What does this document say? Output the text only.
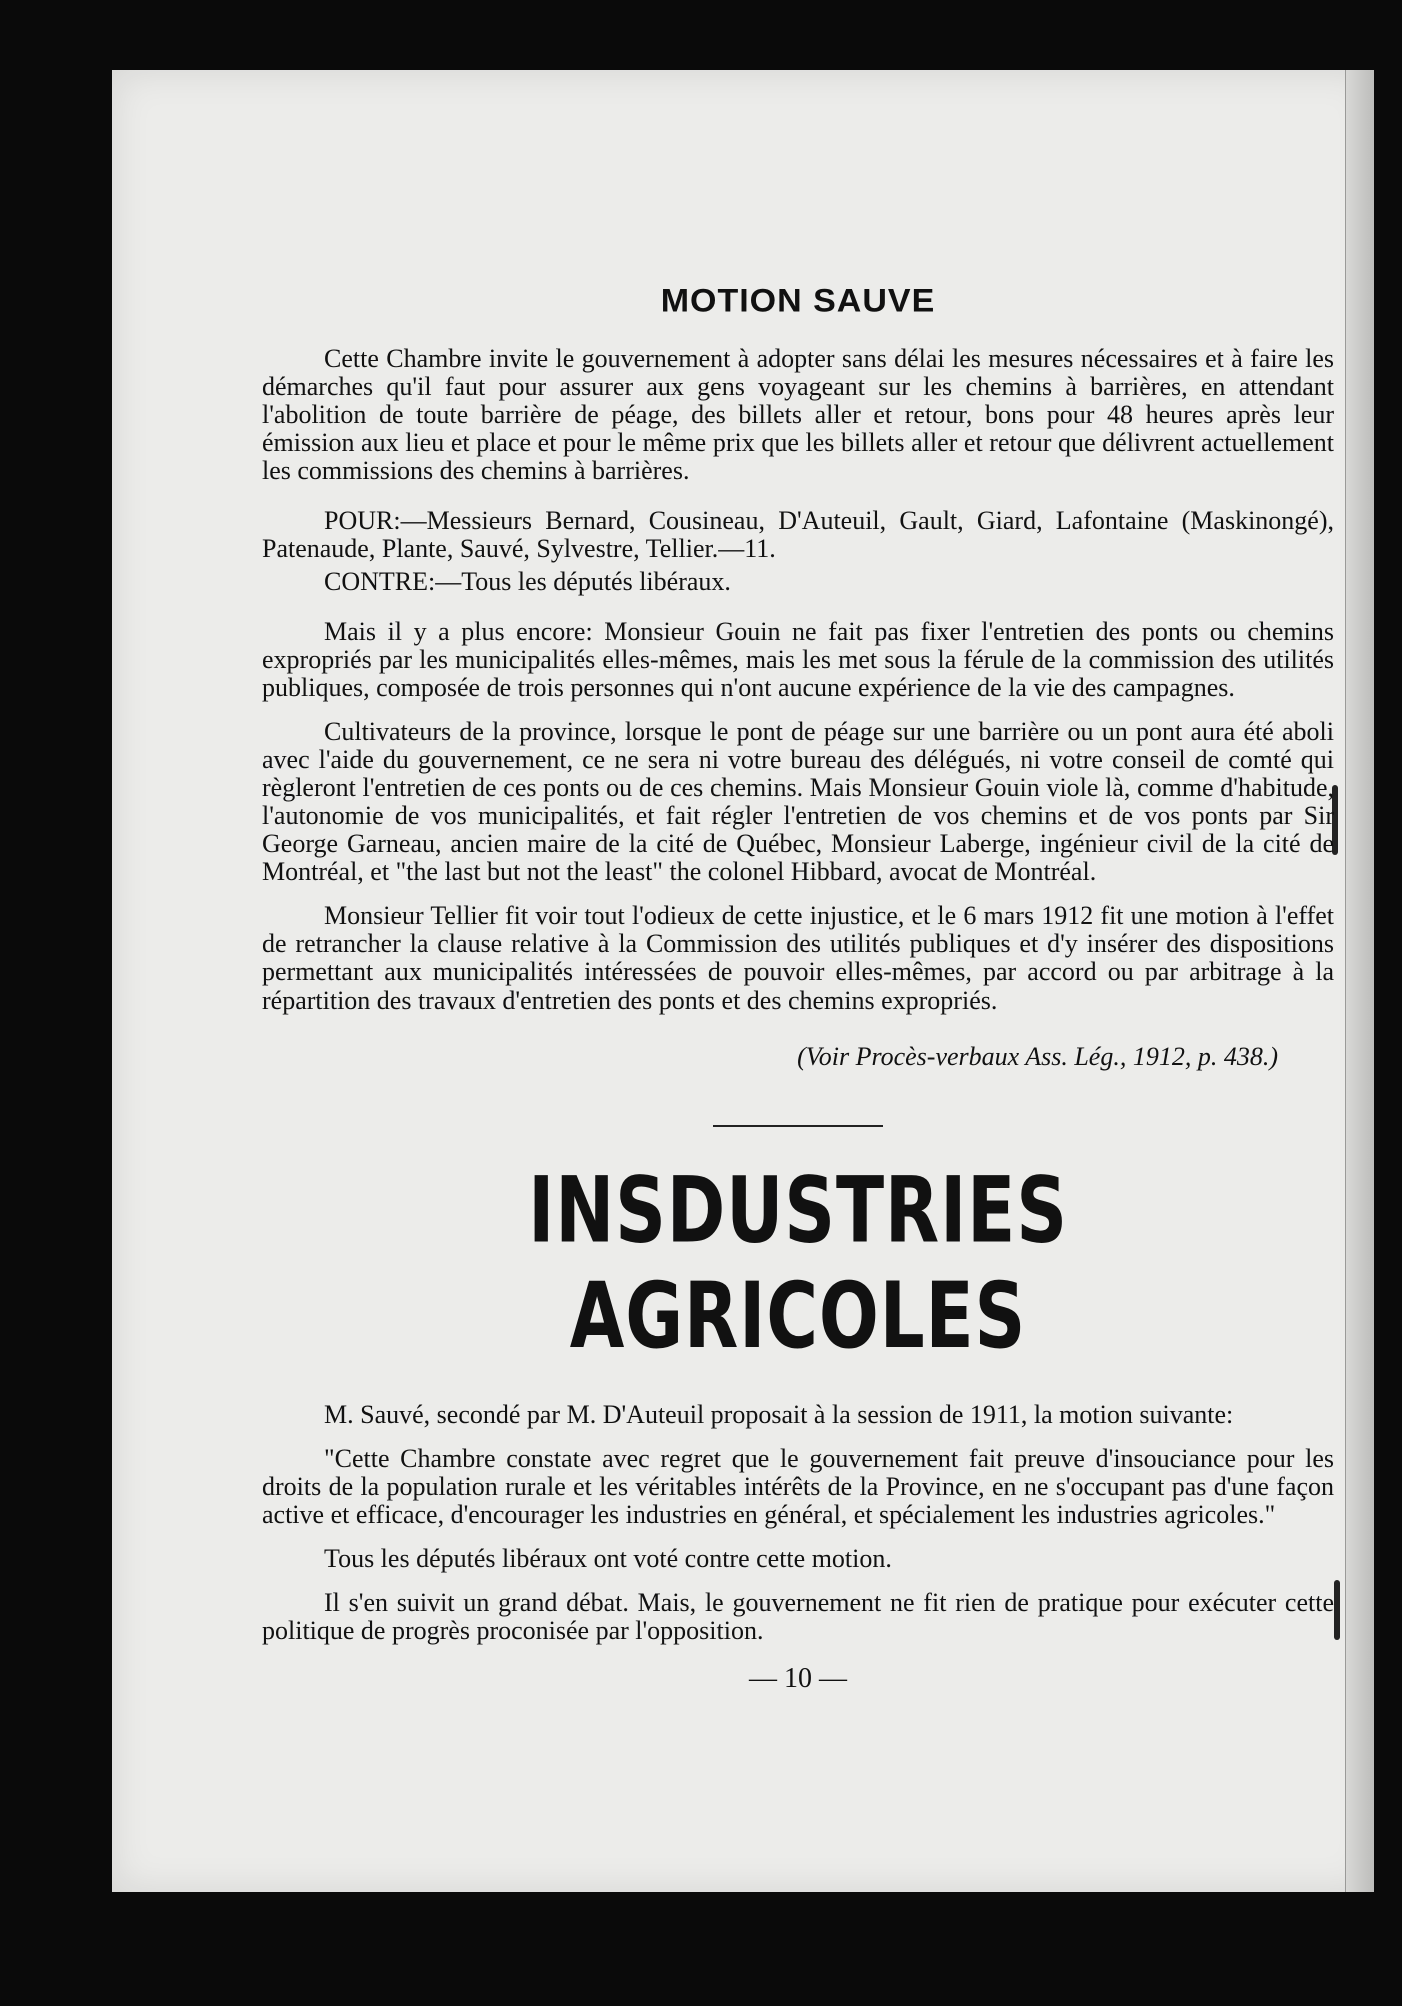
MOTION SAUVE

Cette Chambre invite le gouvernement à adopter sans délai les mesures nécessaires et à faire les démarches qu'il faut pour assurer aux gens voyageant sur les chemins à barrières, en attendant l'abolition de toute barrière de péage, des billets aller et retour, bons pour 48 heures après leur émission aux lieu et place et pour le même prix que les billets aller et retour que délivrent actuellement les commissions des chemins à barrières.

POUR:—Messieurs Bernard, Cousineau, D'Auteuil, Gault, Giard, Lafontaine (Maskinongé), Patenaude, Plante, Sauvé, Sylvestre, Tellier.—11.

CONTRE:—Tous les députés libéraux.

Mais il y a plus encore: Monsieur Gouin ne fait pas fixer l'entretien des ponts ou chemins expropriés par les municipalités elles-mêmes, mais les met sous la férule de la commission des utilités publiques, composée de trois personnes qui n'ont aucune expérience de la vie des campagnes.

Cultivateurs de la province, lorsque le pont de péage sur une barrière ou un pont aura été aboli avec l'aide du gouvernement, ce ne sera ni votre bureau des délégués, ni votre conseil de comté qui règleront l'entretien de ces ponts ou de ces chemins. Mais Monsieur Gouin viole là, comme d'habitude, l'autonomie de vos municipalités, et fait régler l'entretien de vos chemins et de vos ponts par Sir George Garneau, ancien maire de la cité de Québec, Monsieur Laberge, ingénieur civil de la cité de Montréal, et "the last but not the least" the colonel Hibbard, avocat de Montréal.

Monsieur Tellier fit voir tout l'odieux de cette injustice, et le 6 mars 1912 fit une motion à l'effet de retrancher la clause relative à la Commission des utilités publiques et d'y insérer des dispositions permettant aux municipalités intéressées de pouvoir elles-mêmes, par accord ou par arbitrage à la répartition des travaux d'entretien des ponts et des chemins expropriés.

(Voir Procès-verbaux Ass. Lég., 1912, p. 438.)

INSDUSTRIES AGRICOLES

M. Sauvé, secondé par M. D'Auteuil proposait à la session de 1911, la motion suivante:

"Cette Chambre constate avec regret que le gouvernement fait preuve d'insouciance pour les droits de la population rurale et les véritables intérêts de la Province, en ne s'occupant pas d'une façon active et efficace, d'encourager les industries en général, et spécialement les industries agricoles."

Tous les députés libéraux ont voté contre cette motion.

Il s'en suivit un grand débat. Mais, le gouvernement ne fit rien de pratique pour exécuter cette politique de progrès proconisée par l'opposition.

— 10 —
